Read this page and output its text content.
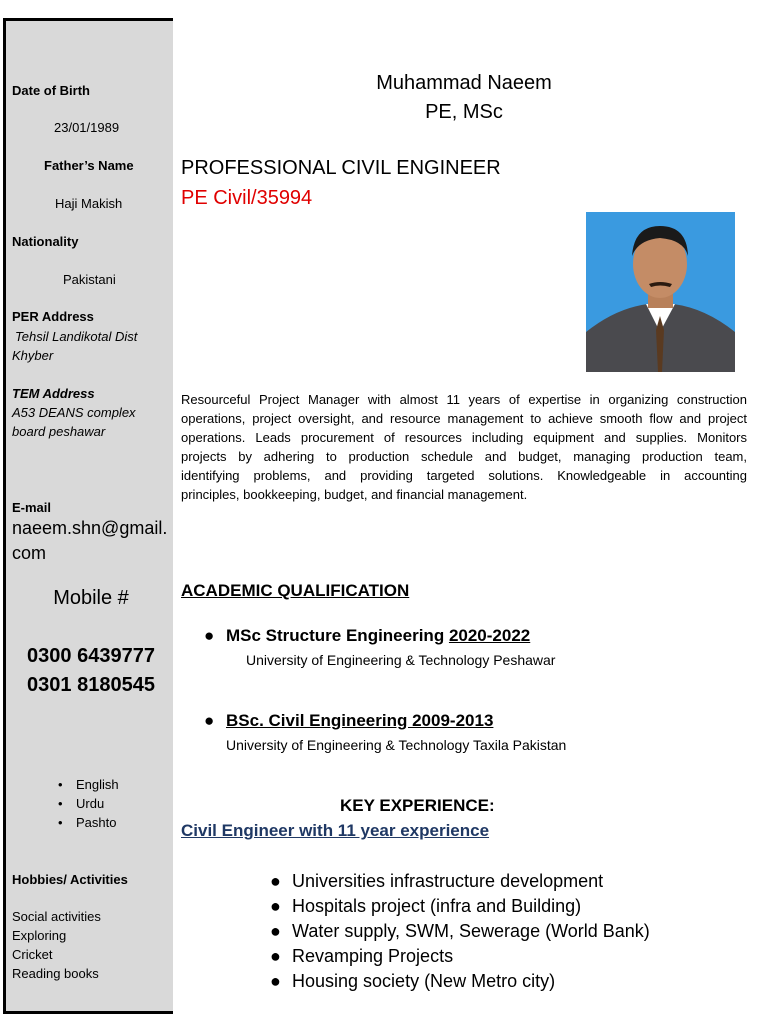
Date of Birth
23/01/1989
Father’s Name
Haji Makish
Nationality
Pakistani
PER Address
Tehsil Landikotal Dist
Khyber
TEM Address
A53 DEANS complex
board peshawar
E-mail
naeem.shn@gmail.
com
Mobile #
0300 6439777
0301 8180545
• English
• Urdu
• Pashto
Hobbies/ Activities
Social activities
Exploring
Cricket
Reading books
Muhammad Naeem
PE, MSc
PROFESSIONAL CIVIL ENGINEER
PE Civil/35994
Resourceful Project Manager with almost 11 years of expertise in organizing construction
operations, project oversight, and resource management to achieve smooth flow and project
operations. Leads procurement of resources including equipment and supplies. Monitors
projects by adhering to production schedule and budget, managing production team,
identifying problems, and providing targeted solutions. Knowledgeable in accounting
principles, bookkeeping, budget, and financial management.
ACADEMIC QUALIFICATION
● MSc Structure Engineering 2020-2022
University of Engineering & Technology Peshawar
● BSc. Civil Engineering 2009-2013
University of Engineering & Technology Taxila Pakistan
KEY EXPERIENCE:
Civil Engineer with 11 year experience
● Universities infrastructure development
● Hospitals project (infra and Building)
● Water supply, SWM, Sewerage (World Bank)
● Revamping Projects
● Housing society (New Metro city)
